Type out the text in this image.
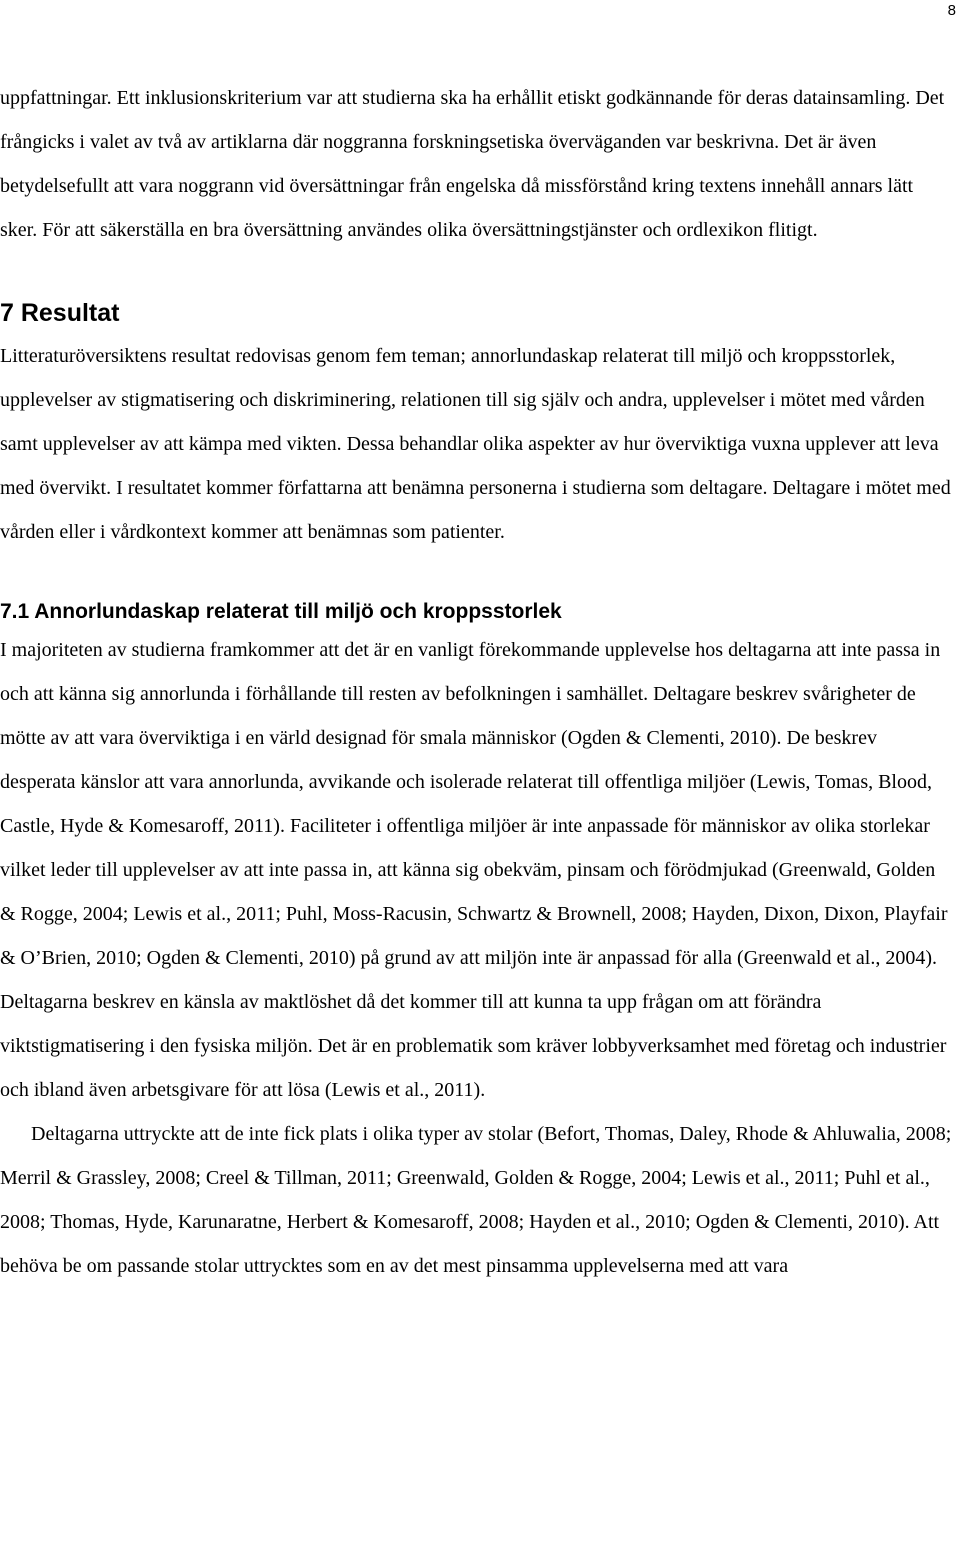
8

uppfattningar. Ett inklusionskriterium var att studierna ska ha erhållit etiskt godkännande för deras datainsamling. Det frångicks i valet av två av artiklarna där noggranna forskningsetiska överväganden var beskrivna. Det är även betydelsefullt att vara noggrann vid översättningar från engelska då missförstånd kring textens innehåll annars lätt sker. För att säkerställa en bra översättning användes olika översättningstjänster och ordlexikon flitigt.

7 Resultat

Litteraturöversiktens resultat redovisas genom fem teman; annorlundaskap relaterat till miljö och kroppsstorlek, upplevelser av stigmatisering och diskriminering, relationen till sig själv och andra, upplevelser i mötet med vården samt upplevelser av att kämpa med vikten. Dessa behandlar olika aspekter av hur överviktiga vuxna upplever att leva med övervikt. I resultatet kommer författarna att benämna personerna i studierna som deltagare. Deltagare i mötet med vården eller i vårdkontext kommer att benämnas som patienter.

7.1 Annorlundaskap relaterat till miljö och kroppsstorlek

I majoriteten av studierna framkommer att det är en vanligt förekommande upplevelse hos deltagarna att inte passa in och att känna sig annorlunda i förhållande till resten av befolkningen i samhället. Deltagare beskrev svårigheter de mötte av att vara överviktiga i en värld designad för smala människor (Ogden & Clementi, 2010). De beskrev desperata känslor att vara annorlunda, avvikande och isolerade relaterat till offentliga miljöer (Lewis, Tomas, Blood, Castle, Hyde & Komesaroff, 2011). Faciliteter i offentliga miljöer är inte anpassade för människor av olika storlekar vilket leder till upplevelser av att inte passa in, att känna sig obekväm, pinsam och förödmjukad (Greenwald, Golden & Rogge, 2004; Lewis et al., 2011; Puhl, Moss-Racusin, Schwartz & Brownell, 2008; Hayden, Dixon, Dixon, Playfair & O’Brien, 2010; Ogden & Clementi, 2010) på grund av att miljön inte är anpassad för alla (Greenwald et al., 2004). Deltagarna beskrev en känsla av maktlöshet då det kommer till att kunna ta upp frågan om att förändra viktstigmatisering i den fysiska miljön. Det är en problematik som kräver lobbyverksamhet med företag och industrier och ibland även arbetsgivare för att lösa (Lewis et al., 2011).

Deltagarna uttryckte att de inte fick plats i olika typer av stolar (Befort, Thomas, Daley, Rhode & Ahluwalia, 2008; Merril & Grassley, 2008; Creel & Tillman, 2011; Greenwald, Golden & Rogge, 2004; Lewis et al., 2011; Puhl et al., 2008; Thomas, Hyde, Karunaratne, Herbert & Komesaroff, 2008; Hayden et al., 2010; Ogden & Clementi, 2010). Att behöva be om passande stolar uttrycktes som en av det mest pinsamma upplevelserna med att vara
